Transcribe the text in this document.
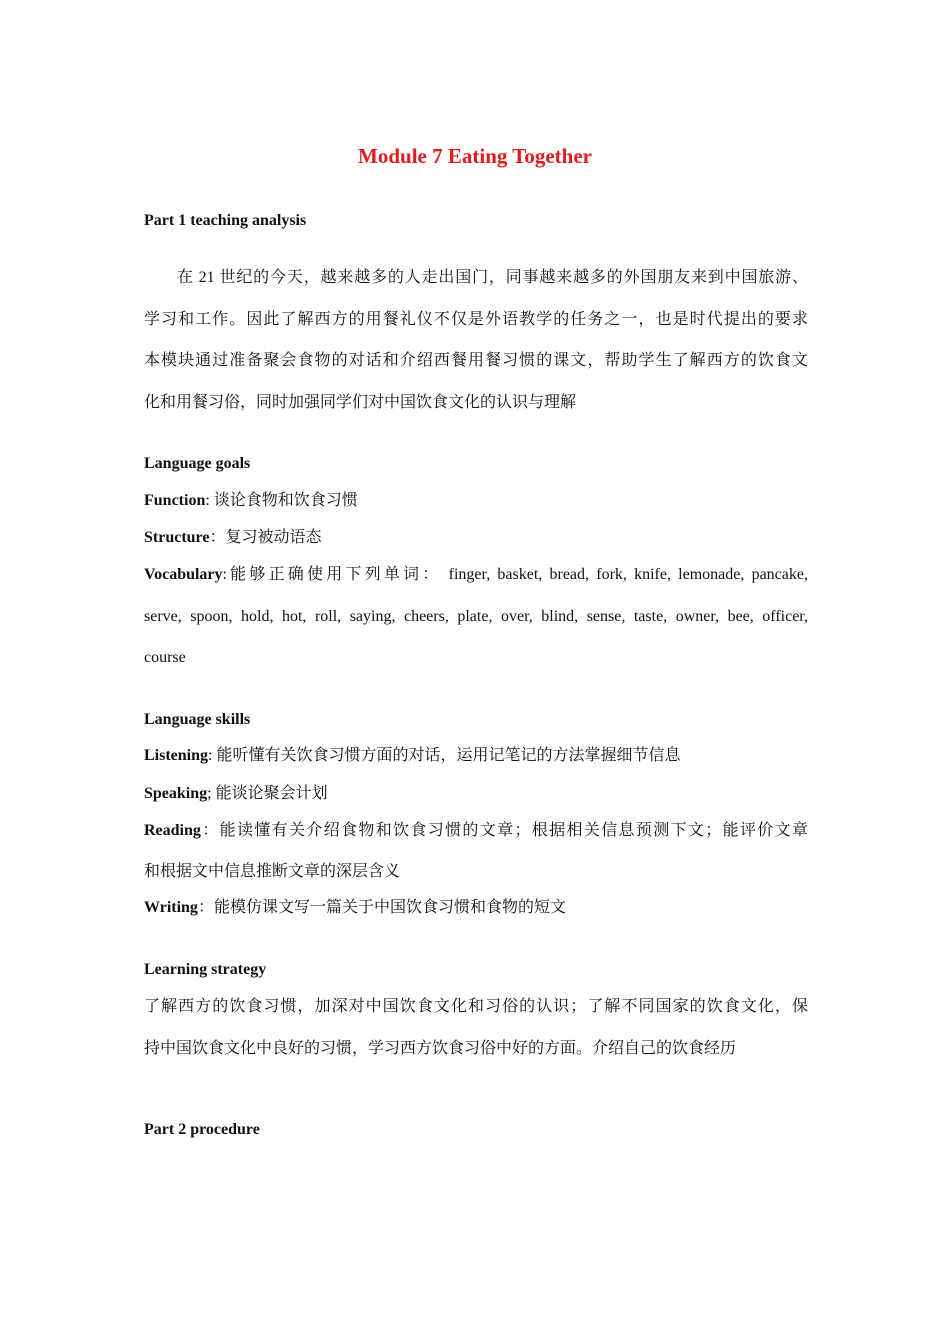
Module 7 Eating Together
Part 1 teaching analysis
在 21 世纪的今天，越来越多的人走出国门，同事越来越多的外国朋友来到中国旅游、
学习和工作。因此了解西方的用餐礼仪不仅是外语教学的任务之一，也是时代提出的要求
本模块通过准备聚会食物的对话和介绍西餐用餐习惯的课文，帮助学生了解西方的饮食文
化和用餐习俗，同时加强同学们对中国饮食文化的认识与理解
Language goals
Function: 谈论食物和饮食习惯
Structure：复习被动语态
Vocabulary:能够正确使用下列单词： finger, basket, bread, fork, knife, lemonade, pancake,
serve, spoon, hold, hot, roll, saying, cheers, plate, over, blind, sense, taste, owner, bee, officer,
course
Language skills
Listening: 能听懂有关饮食习惯方面的对话，运用记笔记的方法掌握细节信息
Speaking; 能谈论聚会计划
Reading：能读懂有关介绍食物和饮食习惯的文章；根据相关信息预测下文；能评价文章
和根据文中信息推断文章的深层含义
Writing：能模仿课文写一篇关于中国饮食习惯和食物的短文
Learning strategy
了解西方的饮食习惯，加深对中国饮食文化和习俗的认识；了解不同国家的饮食文化，保
持中国饮食文化中良好的习惯，学习西方饮食习俗中好的方面。介绍自己的饮食经历
Part 2 procedure
